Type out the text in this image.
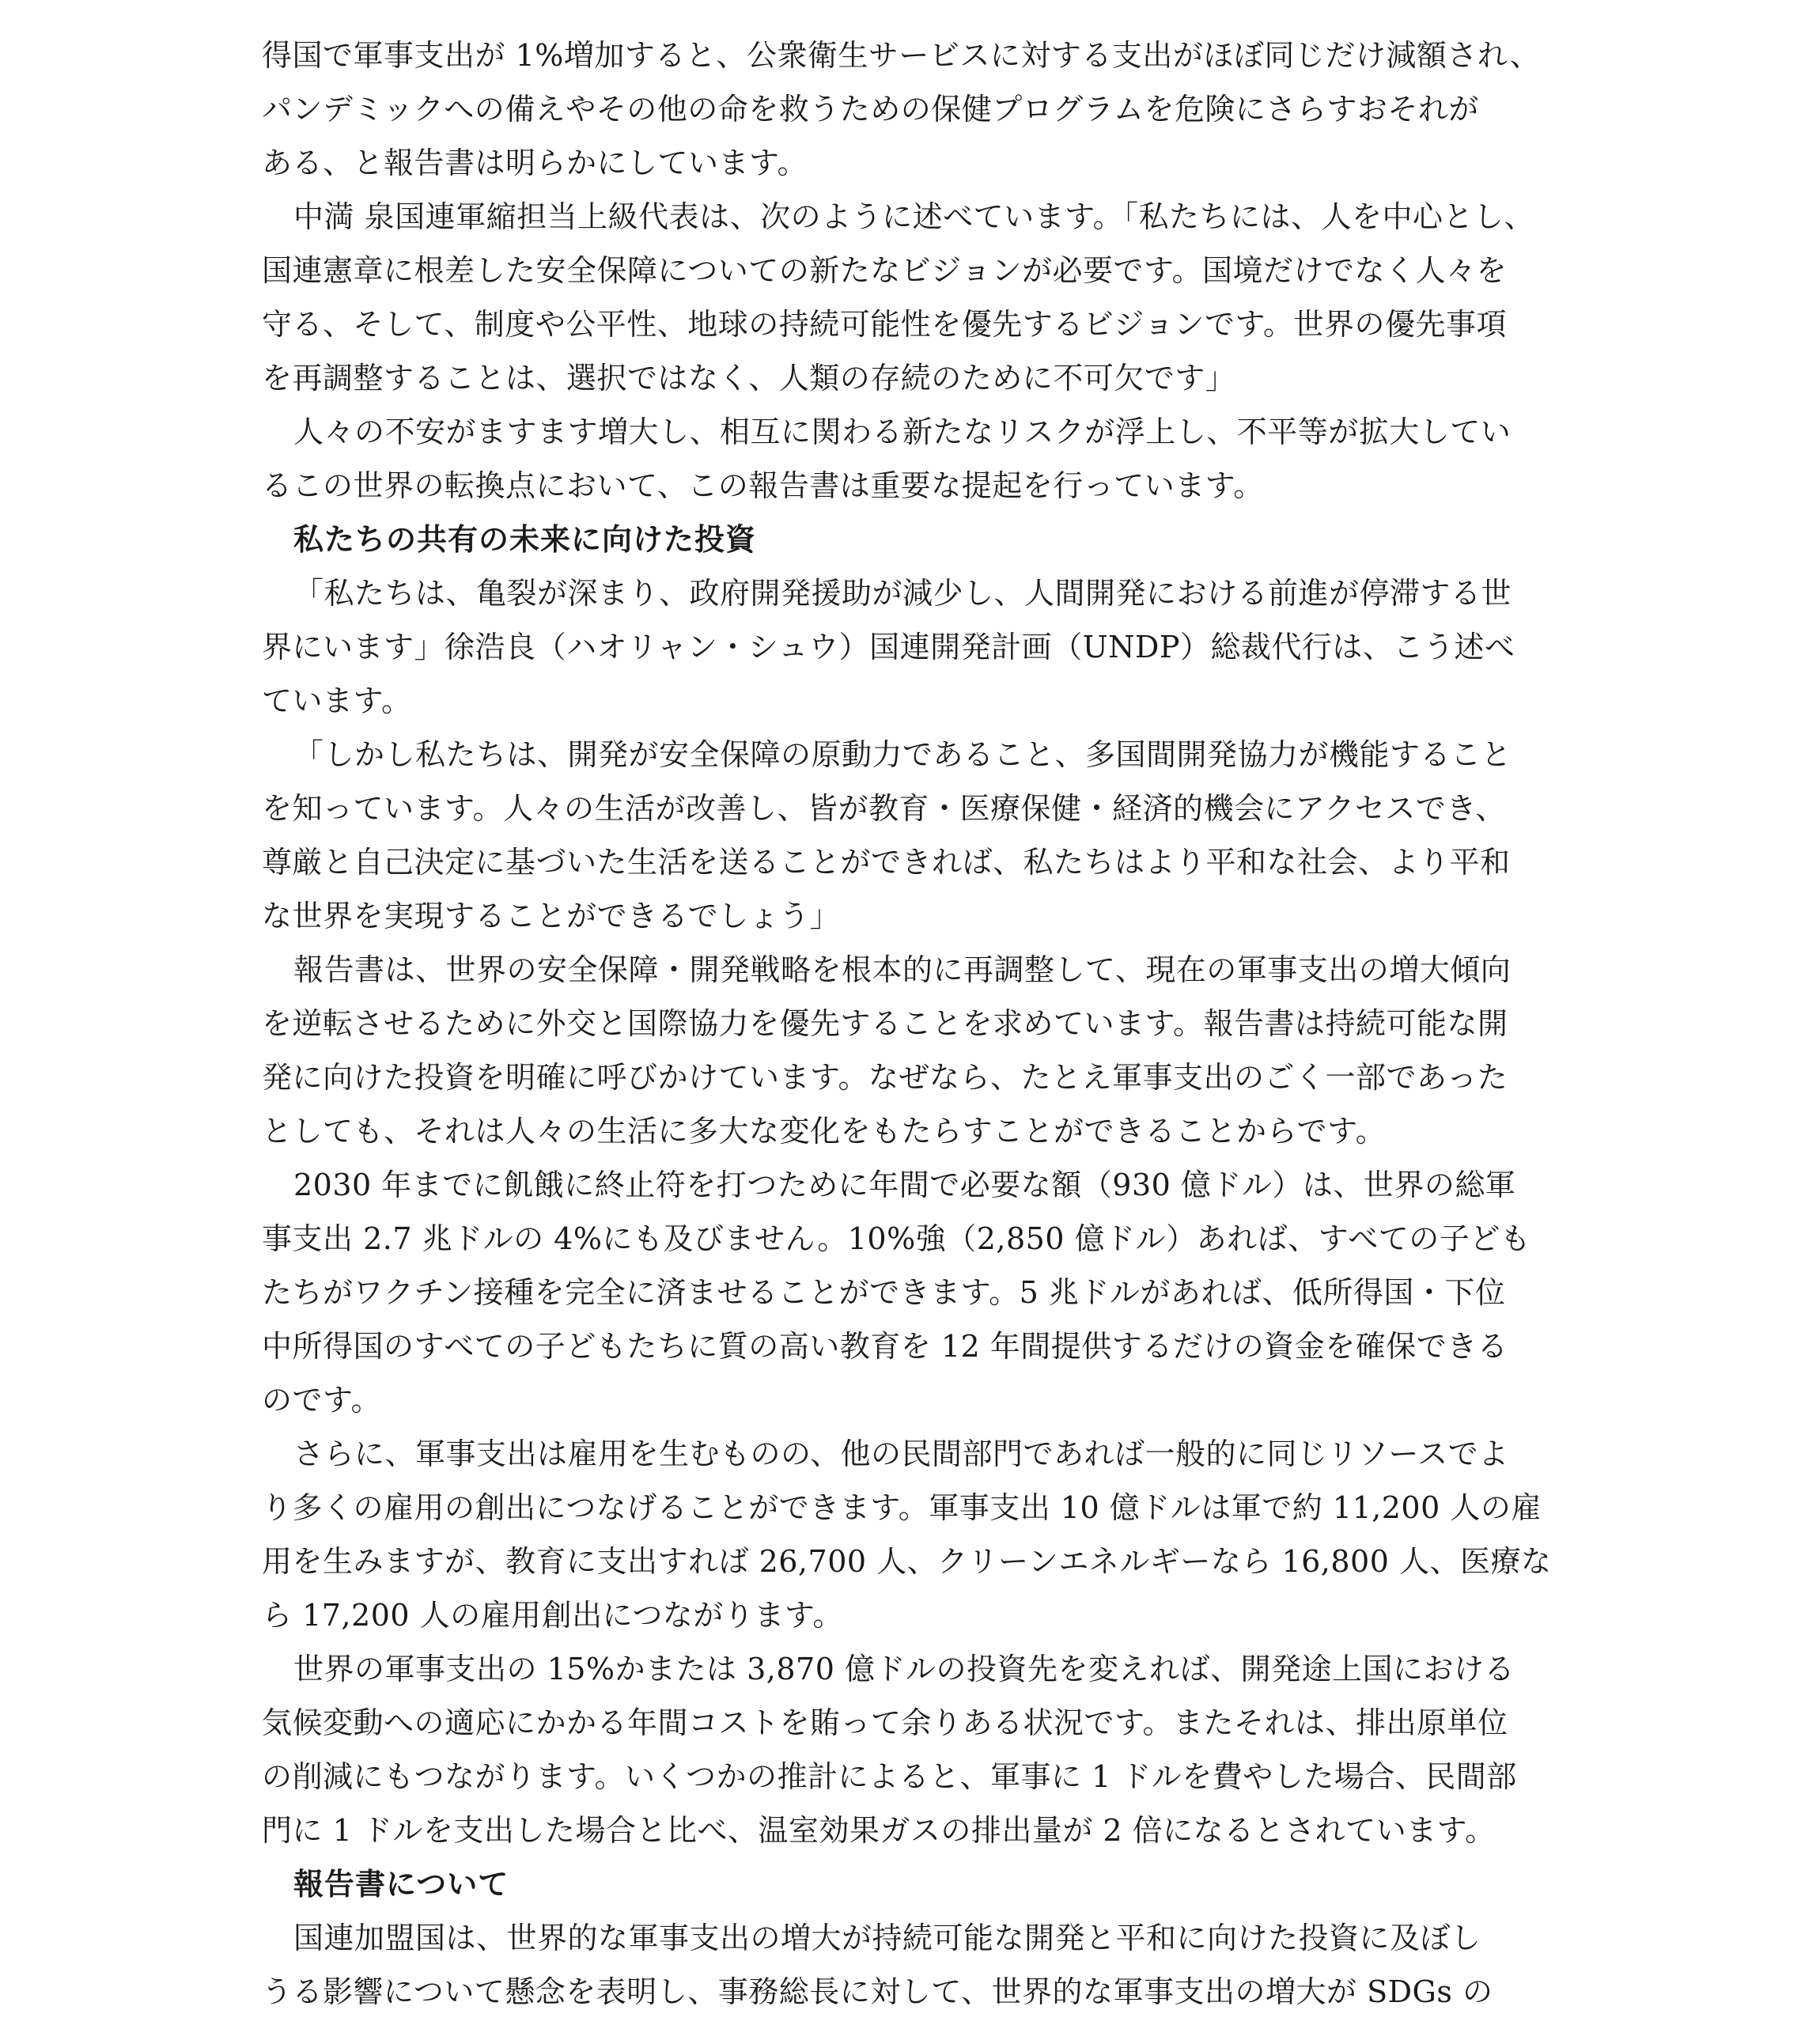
得国で軍事支出が 1%増加すると、公衆衛生サービスに対する支出がほぼ同じだけ減額され、
パンデミックへの備えやその他の命を救うための保健プログラムを危険にさらすおそれが
ある、と報告書は明らかにしています。
中満 泉国連軍縮担当上級代表は、次のように述べています。「私たちには、人を中心とし、
国連憲章に根差した安全保障についての新たなビジョンが必要です。国境だけでなく人々を
守る、そして、制度や公平性、地球の持続可能性を優先するビジョンです。世界の優先事項
を再調整することは、選択ではなく、人類の存続のために不可欠です」
人々の不安がますます増大し、相互に関わる新たなリスクが浮上し、不平等が拡大してい
るこの世界の転換点において、この報告書は重要な提起を行っています。
私たちの共有の未来に向けた投資
「私たちは、亀裂が深まり、政府開発援助が減少し、人間開発における前進が停滞する世
界にいます」徐浩良（ハオリャン・シュウ）国連開発計画（UNDP）総裁代行は、こう述べ
ています。
「しかし私たちは、開発が安全保障の原動力であること、多国間開発協力が機能すること
を知っています。人々の生活が改善し、皆が教育・医療保健・経済的機会にアクセスでき、
尊厳と自己決定に基づいた生活を送ることができれば、私たちはより平和な社会、より平和
な世界を実現することができるでしょう」
報告書は、世界の安全保障・開発戦略を根本的に再調整して、現在の軍事支出の増大傾向
を逆転させるために外交と国際協力を優先することを求めています。報告書は持続可能な開
発に向けた投資を明確に呼びかけています。なぜなら、たとえ軍事支出のごく一部であった
としても、それは人々の生活に多大な変化をもたらすことができることからです。
2030 年までに飢餓に終止符を打つために年間で必要な額（930 億ドル）は、世界の総軍
事支出 2.7 兆ドルの 4%にも及びません。10%強（2,850 億ドル）あれば、すべての子ども
たちがワクチン接種を完全に済ませることができます。5 兆ドルがあれば、低所得国・下位
中所得国のすべての子どもたちに質の高い教育を 12 年間提供するだけの資金を確保できる
のです。
さらに、軍事支出は雇用を生むものの、他の民間部門であれば一般的に同じリソースでよ
り多くの雇用の創出につなげることができます。軍事支出 10 億ドルは軍で約 11,200 人の雇
用を生みますが、教育に支出すれば 26,700 人、クリーンエネルギーなら 16,800 人、医療な
ら 17,200 人の雇用創出につながります。
世界の軍事支出の 15%かまたは 3,870 億ドルの投資先を変えれば、開発途上国における
気候変動への適応にかかる年間コストを賄って余りある状況です。またそれは、排出原単位
の削減にもつながります。いくつかの推計によると、軍事に 1 ドルを費やした場合、民間部
門に 1 ドルを支出した場合と比べ、温室効果ガスの排出量が 2 倍になるとされています。
報告書について
国連加盟国は、世界的な軍事支出の増大が持続可能な開発と平和に向けた投資に及ぼし
うる影響について懸念を表明し、事務総長に対して、世界的な軍事支出の増大が SDGs の
